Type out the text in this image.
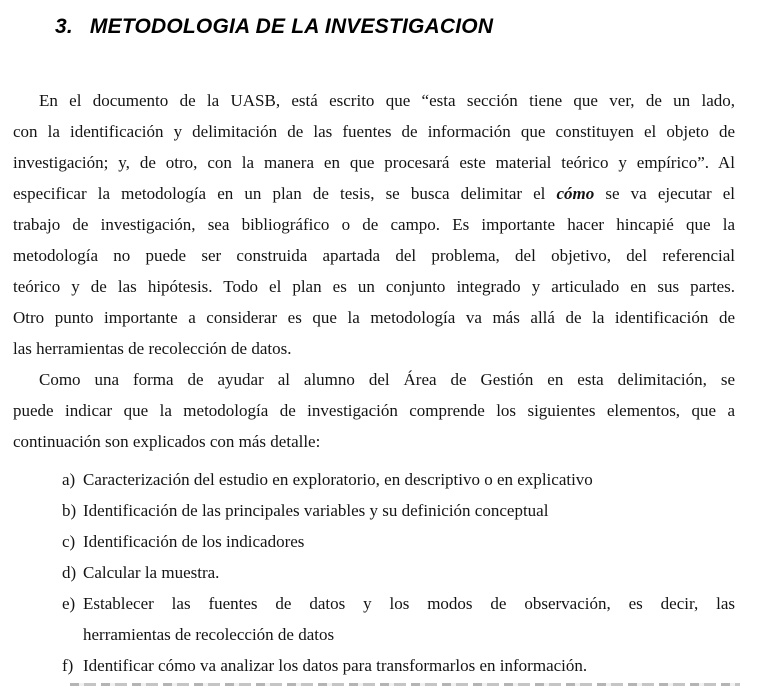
3. METODOLOGIA DE LA INVESTIGACION
En el documento de la UASB, está escrito que “esta sección tiene que ver, de un lado,
con la identificación y delimitación de las fuentes de información que constituyen el objeto de
investigación; y, de otro, con la manera en que procesará este material teórico y empírico”. Al
especificar la metodología en un plan de tesis, se busca delimitar el cómo se va ejecutar el
trabajo de investigación, sea bibliográfico o de campo. Es importante hacer hincapié que la
metodología no puede ser construida apartada del problema, del objetivo, del referencial
teórico y de las hipótesis. Todo el plan es un conjunto integrado y articulado en sus partes.
Otro punto importante a considerar es que la metodología va más allá de la identificación de
las herramientas de recolección de datos.
Como una forma de ayudar al alumno del Área de Gestión en esta delimitación, se
puede indicar que la metodología de investigación comprende los siguientes elementos, que a
continuación son explicados con más detalle:
a) Caracterización del estudio en exploratorio, en descriptivo o en explicativo
b) Identificación de las principales variables y su definición conceptual
c) Identificación de los indicadores
d) Calcular la muestra.
e) Establecer las fuentes de datos y los modos de observación, es decir, las
herramientas de recolección de datos
f) Identificar cómo va analizar los datos para transformarlos en información.
